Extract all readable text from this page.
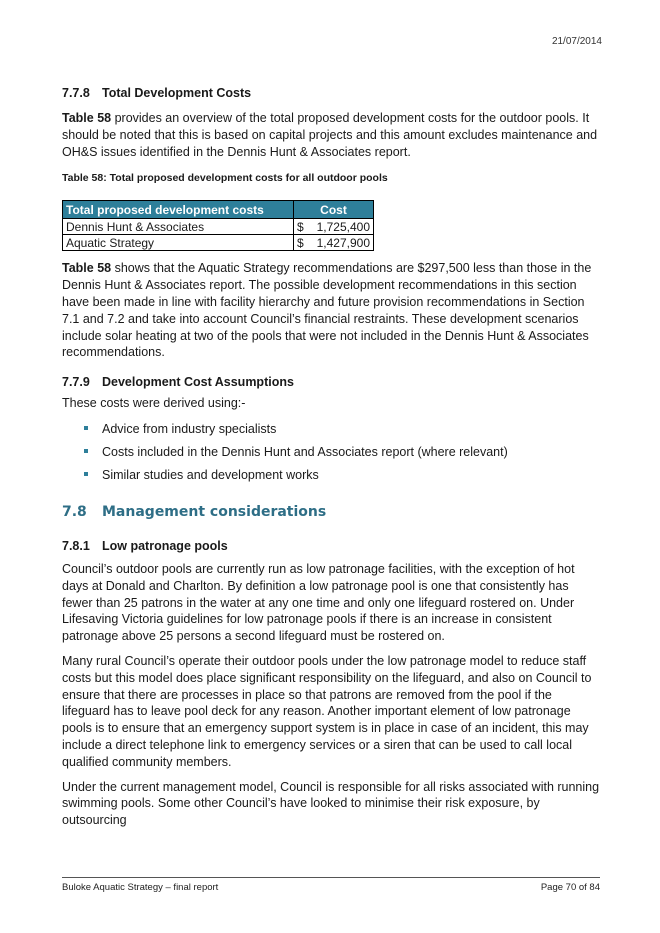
21/07/2014
7.7.8 Total Development Costs

Table 58 provides an overview of the total proposed development costs for the outdoor pools. It should be noted that this is based on capital projects and this amount excludes maintenance and OH&S issues identified in the Dennis Hunt & Associates report.

Table 58: Total proposed development costs for all outdoor pools
Total proposed development costs	Cost	
Dennis Hunt & Associates	$	1,725,400
Aquatic Strategy	$	1,427,900

Table 58 shows that the Aquatic Strategy recommendations are $297,500 less than those in the Dennis Hunt & Associates report. The possible development recommendations in this section have been made in line with facility hierarchy and future provision recommendations in Section 7.1 and 7.2 and take into account Council’s financial restraints. These development scenarios include solar heating at two of the pools that were not included in the Dennis Hunt & Associates recommendations.

7.7.9 Development Cost Assumptions

These costs were derived using:-

Advice from industry specialists
Costs included in the Dennis Hunt and Associates report (where relevant)
Similar studies and development works
7.8 Management considerations
7.8.1 Low patronage pools

Council’s outdoor pools are currently run as low patronage facilities, with the exception of hot days at Donald and Charlton. By definition a low patronage pool is one that consistently has fewer than 25 patrons in the water at any one time and only one lifeguard rostered on. Under Lifesaving Victoria guidelines for low patronage pools if there is an increase in consistent patronage above 25 persons a second lifeguard must be rostered on.

Many rural Council’s operate their outdoor pools under the low patronage model to reduce staff costs but this model does place significant responsibility on the lifeguard, and also on Council to ensure that there are processes in place so that patrons are removed from the pool if the lifeguard has to leave pool deck for any reason. Another important element of low patronage pools is to ensure that an emergency support system is in place in case of an incident, this may include a direct telephone link to emergency services or a siren that can be used to call local qualified community members.

Under the current management model, Council is responsible for all risks associated with running swimming pools. Some other Council’s have looked to minimise their risk exposure, by outsourcing

Buloke Aquatic Strategy – final report	Page 70 of 84
